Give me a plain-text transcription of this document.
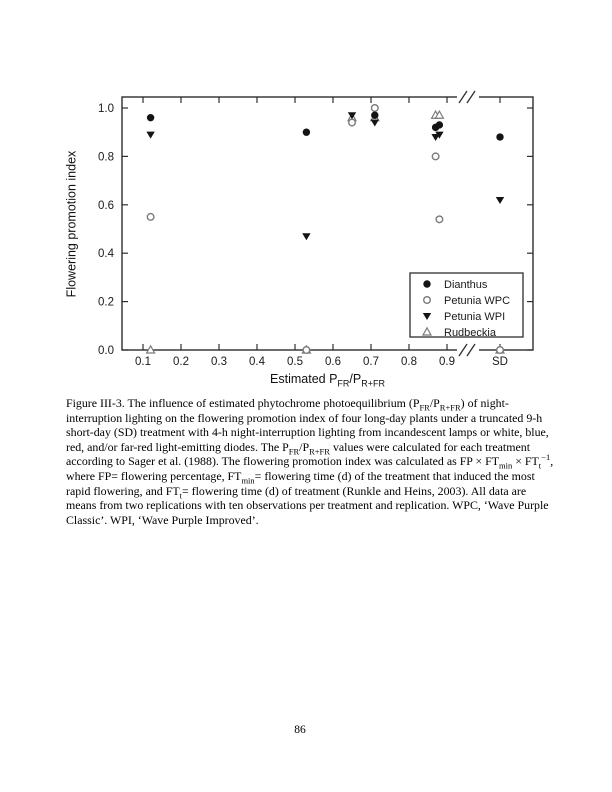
0.1 0.2 0.3 0.4 0.5 0.6 0.7 0.8 0.9	SD
0.0
0.2
0.4
0.6
0.8
1.0
Dianthus
Petunia WPC
Petunia WPI
Rudbeckia
Flowering promotion index
Estimated $P_{FR}/P_{R+FR}$

Figure III-3. The influence of estimated phytochrome photoequilibrium $(P_{FR}/P_{R+FR})$ of night-interruption lighting on the flowering promotion index of four long-day plants under a truncated 9-h short-day (SD) treatment with 4-h night-interruption lighting from incandescent lamps or white, blue, red, and/or far-red light-emitting diodes. The $P_{FR}/P_{R+FR}$ values were calculated for each treatment according to Sager et al. (1988). The flowering promotion index was calculated as FP × $FT_{min} \times FT_t^{-1}$, where FP= flowering percentage, $FT_{min}=$ flowering time (d) of the treatment that induced the most rapid flowering, and $FT_t=$ flowering time (d) of treatment (Runkle and Heins, 2003). All data are means from two replications with ten observations per treatment and replication. WPC, ‘Wave Purple Classic’. WPI, ‘Wave Purple Improved’.

86
